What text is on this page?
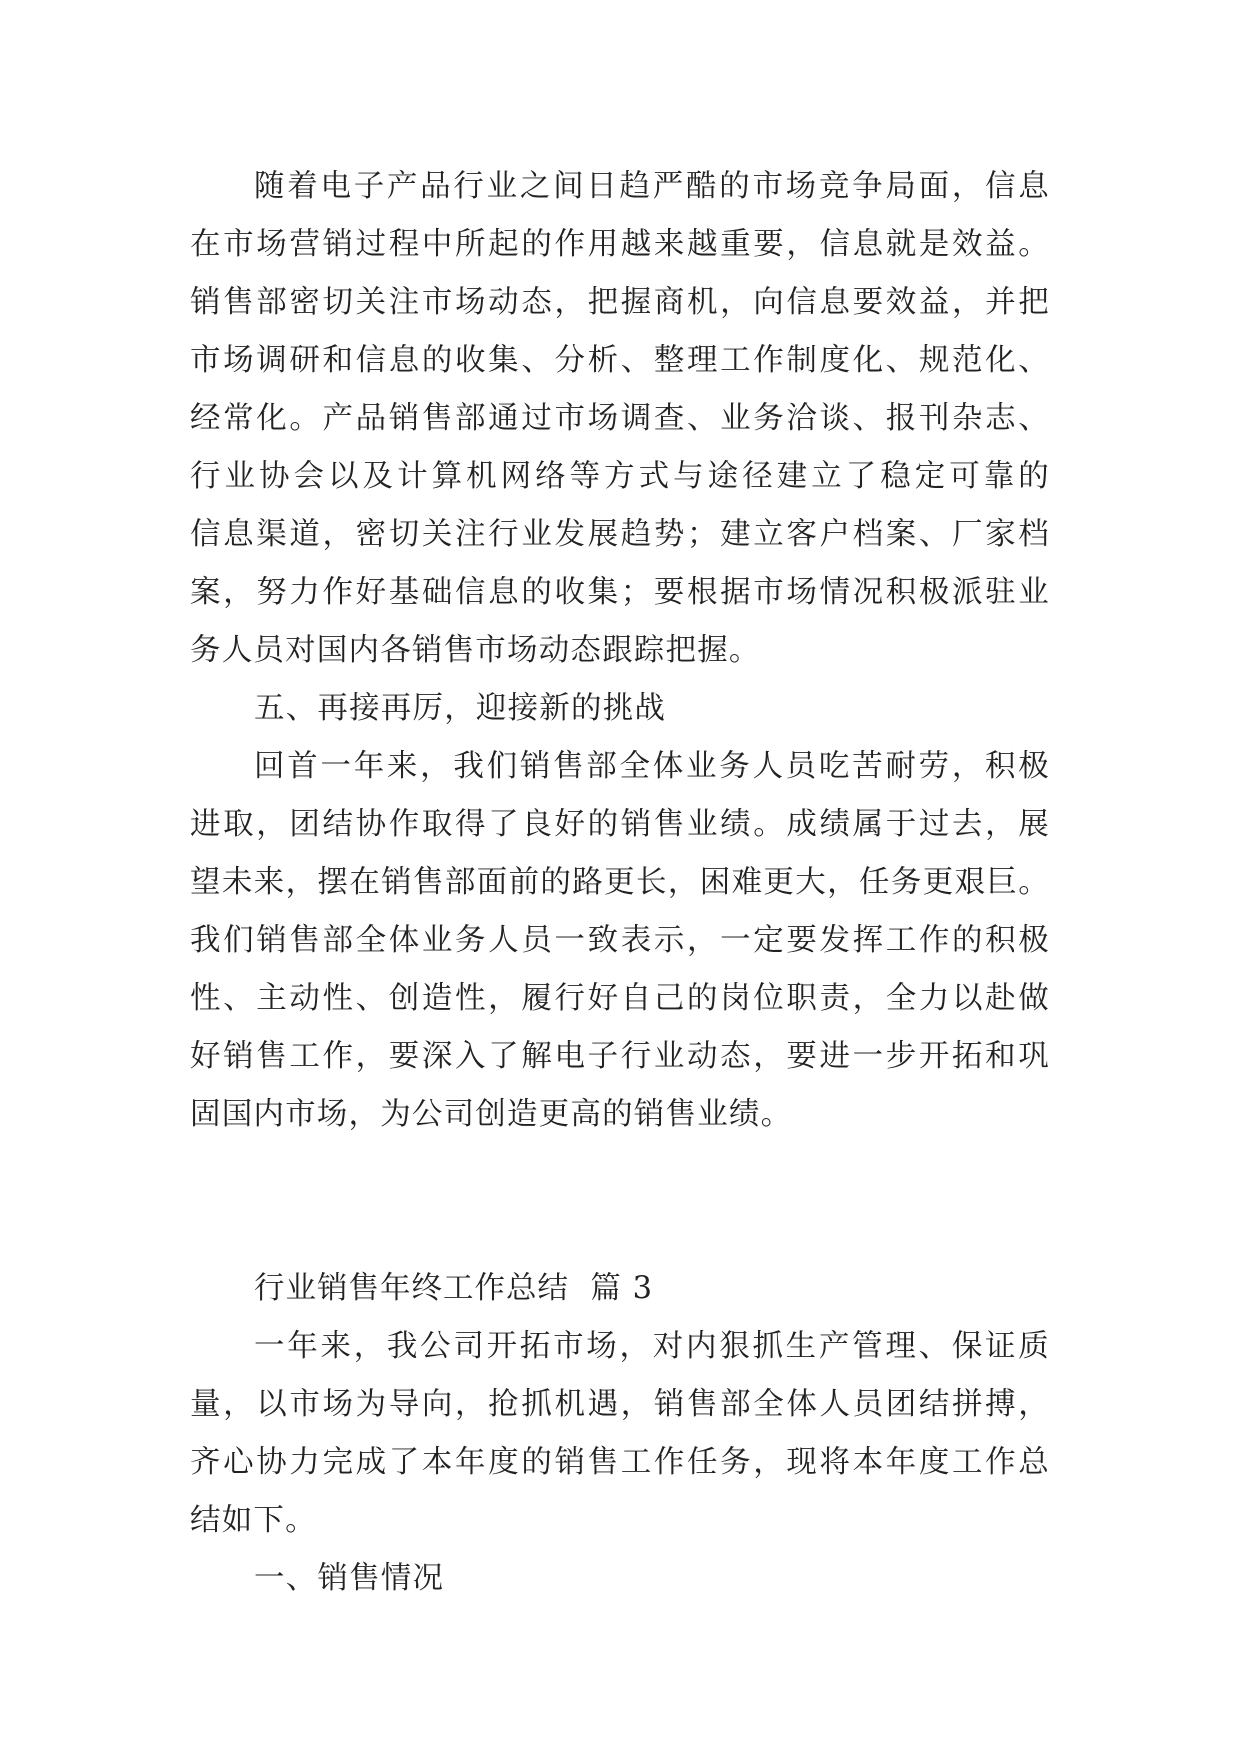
随着电子产品行业之间日趋严酷的市场竞争局面，信息
在市场营销过程中所起的作用越来越重要，信息就是效益。
销售部密切关注市场动态，把握商机，向信息要效益，并把
市场调研和信息的收集、分析、整理工作制度化、规范化、
经常化。产品销售部通过市场调查、业务洽谈、报刊杂志、
行业协会以及计算机网络等方式与途径建立了稳定可靠的
信息渠道，密切关注行业发展趋势；建立客户档案、厂家档
案，努力作好基础信息的收集；要根据市场情况积极派驻业
务人员对国内各销售市场动态跟踪把握。
五、再接再厉，迎接新的挑战
回首一年来，我们销售部全体业务人员吃苦耐劳，积极
进取，团结协作取得了良好的销售业绩。成绩属于过去，展
望未来，摆在销售部面前的路更长，困难更大，任务更艰巨。
我们销售部全体业务人员一致表示，一定要发挥工作的积极
性、主动性、创造性，履行好自己的岗位职责，全力以赴做
好销售工作，要深入了解电子行业动态，要进一步开拓和巩
固国内市场，为公司创造更高的销售业绩。
行业销售年终工作总结  篇 3
一年来，我公司开拓市场，对内狠抓生产管理、保证质
量，以市场为导向，抢抓机遇，销售部全体人员团结拼搏，
齐心协力完成了本年度的销售工作任务，现将本年度工作总
结如下。
一、销售情况
